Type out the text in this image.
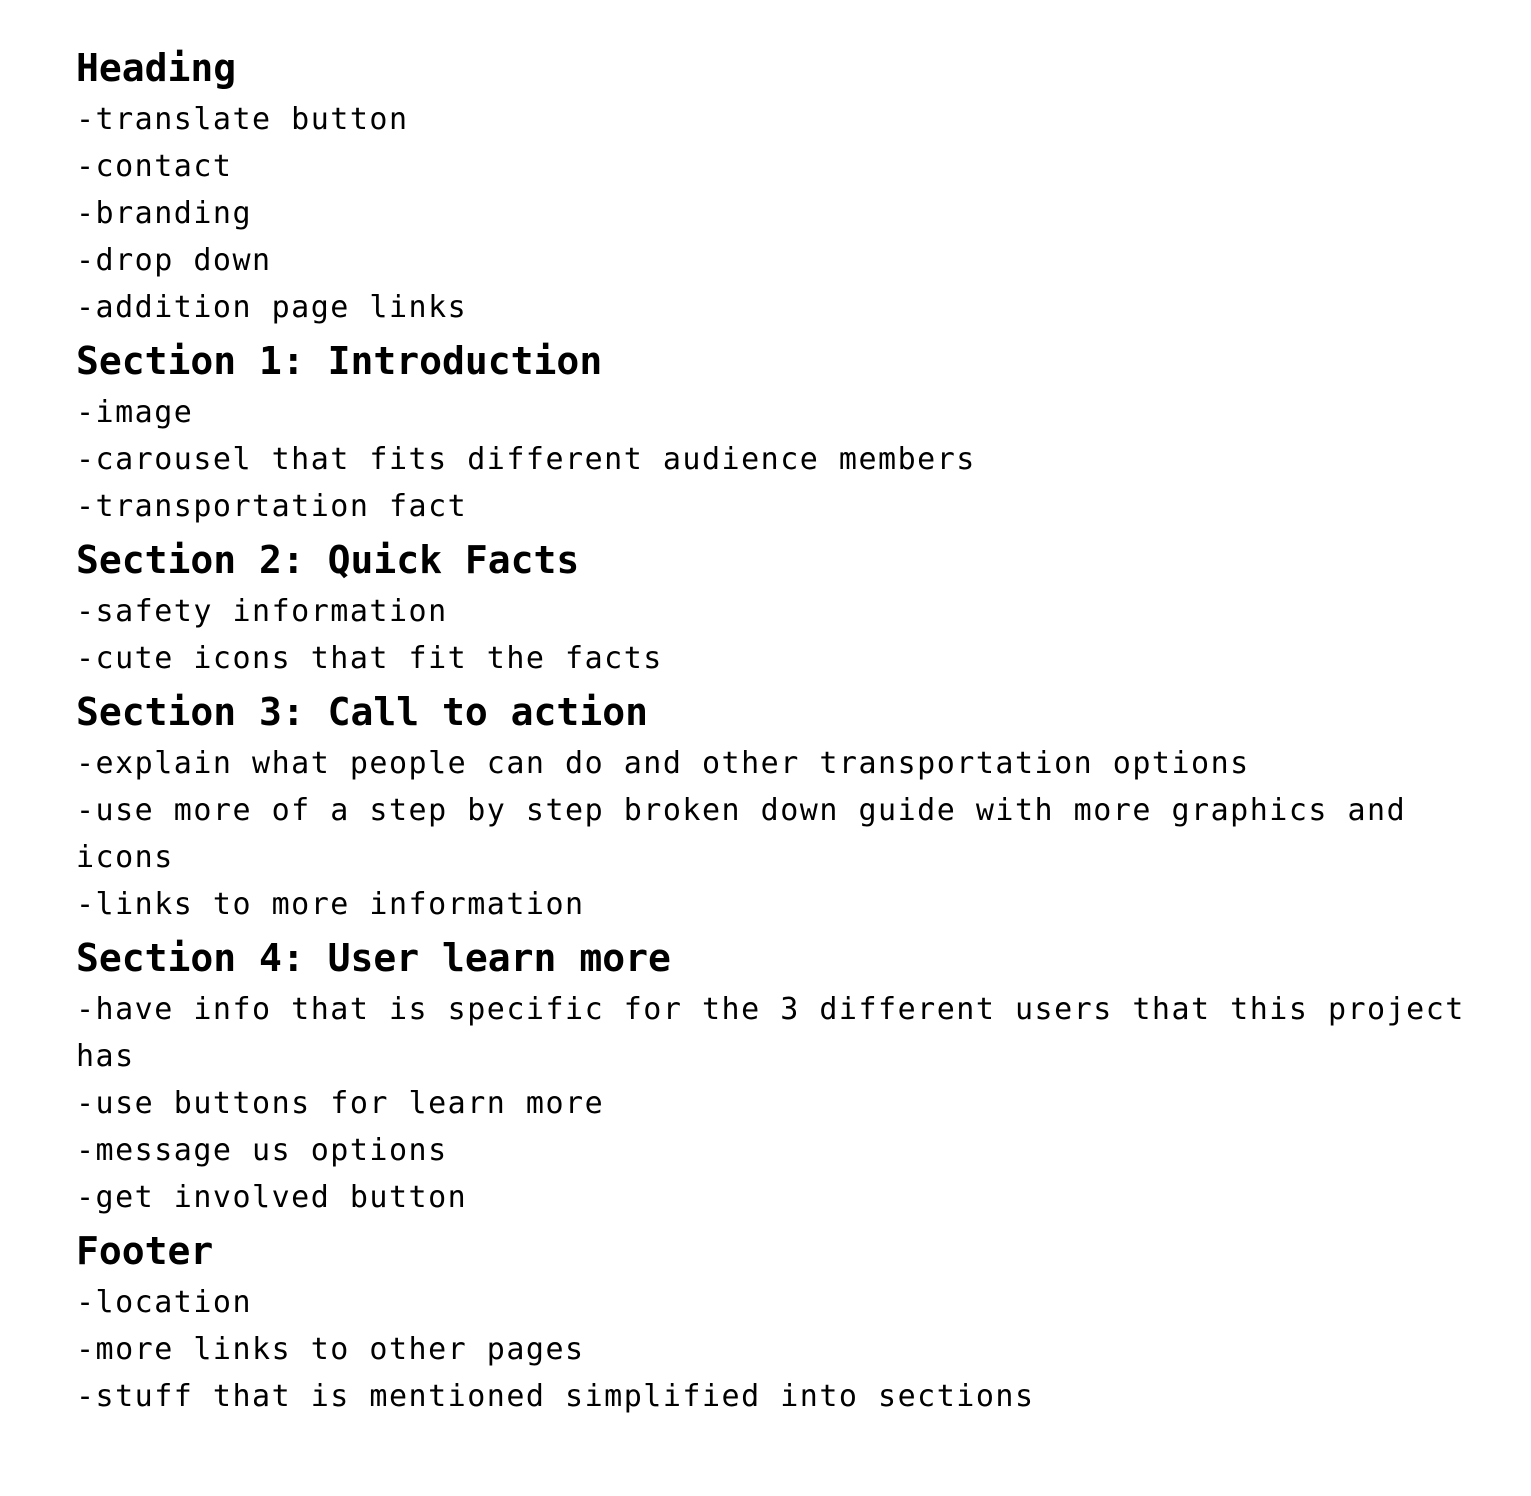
Heading
-translate button
-contact
-branding
-drop down
-addition page links
Section 1: Introduction
-image
-carousel that fits different audience members
-transportation fact
Section 2: Quick Facts
-safety information
-cute icons that fit the facts
Section 3: Call to action
-explain what people can do and other transportation options
-use more of a step by step broken down guide with more graphics and icons
-links to more information
Section 4: User learn more
-have info that is specific for the 3 different users that this project has
-use buttons for learn more
-message us options
-get involved button
Footer
-location
-more links to other pages
-stuff that is mentioned simplified into sections
